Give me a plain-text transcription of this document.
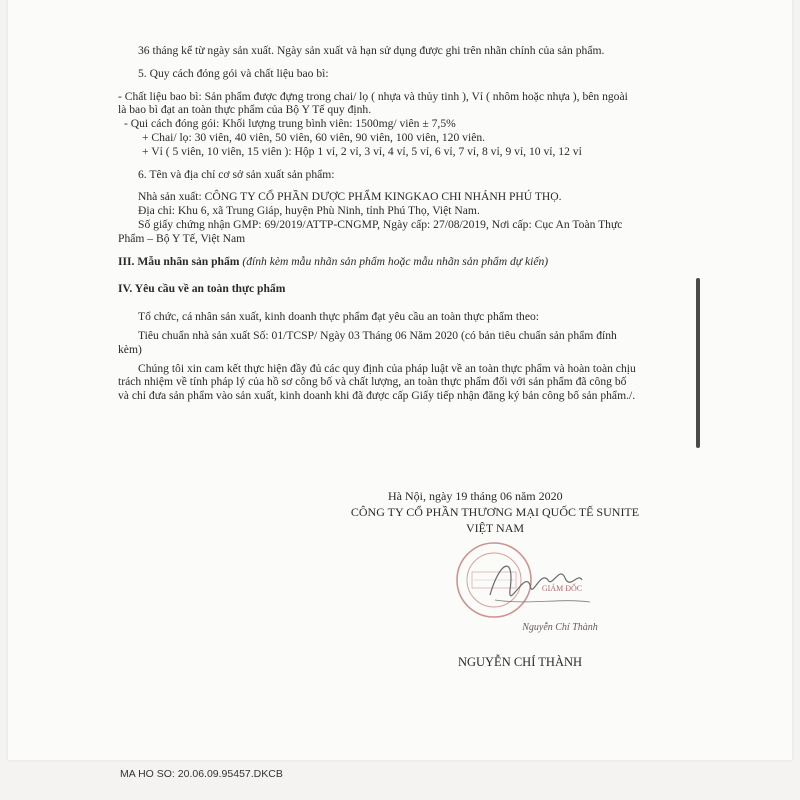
36 tháng kể từ ngày sản xuất. Ngày sản xuất và hạn sử dụng được ghi trên nhãn chính của sản phẩm.

5. Quy cách đóng gói và chất liệu bao bì:

- Chất liệu bao bì: Sản phẩm được đựng trong chai/ lọ ( nhựa và thủy tinh ), Vỉ ( nhôm hoặc nhựa ), bên ngoài là bao bì đạt an toàn thực phẩm của Bộ Y Tế quy định.

- Qui cách đóng gói: Khối lượng trung bình viên: 1500mg/ viên ± 7,5%

+ Chai/ lọ: 30 viên, 40 viên, 50 viên, 60 viên, 90 viên, 100 viên, 120 viên.

+ Vỉ ( 5 viên, 10 viên, 15 viên ): Hộp 1 vỉ, 2 vỉ, 3 vỉ, 4 vỉ, 5 vỉ, 6 vỉ, 7 vỉ, 8 vỉ, 9 vỉ, 10 vỉ, 12 vỉ

6. Tên và địa chỉ cơ sở sản xuất sản phẩm:

Nhà sản xuất: CÔNG TY CỔ PHẦN DƯỢC PHẨM KINGKAO CHI NHÁNH PHÚ THỌ.

Địa chỉ: Khu 6, xã Trung Giáp, huyện Phù Ninh, tỉnh Phú Thọ, Việt Nam.

Số giấy chứng nhận GMP: 69/2019/ATTP-CNGMP, Ngày cấp: 27/08/2019, Nơi cấp: Cục An Toàn Thực Phẩm – Bộ Y Tế, Việt Nam

III. Mẫu nhãn sản phẩm (đính kèm mẫu nhãn sản phẩm hoặc mẫu nhãn sản phẩm dự kiến)

IV. Yêu cầu về an toàn thực phẩm

Tổ chức, cá nhân sản xuất, kinh doanh thực phẩm đạt yêu cầu an toàn thực phẩm theo:

Tiêu chuẩn nhà sản xuất Số: 01/TCSP/ Ngày 03 Tháng 06 Năm 2020 (có bản tiêu chuẩn sản phẩm đính kèm)

Chúng tôi xin cam kết thực hiện đầy đủ các quy định của pháp luật về an toàn thực phẩm và hoàn toàn chịu trách nhiệm về tính pháp lý của hồ sơ công bố và chất lượng, an toàn thực phẩm đối với sản phẩm đã công bố và chỉ đưa sản phẩm vào sản xuất, kinh doanh khi đã được cấp Giấy tiếp nhận đăng ký bản công bố sản phẩm./.

Hà Nội, ngày 19 tháng 06 năm 2020
CÔNG TY CỔ PHẦN THƯƠNG MẠI QUỐC TẾ SUNITE
VIỆT NAM
GIÁM ĐỐC
Nguyễn Chí Thành
NGUYỄN CHÍ THÀNH
MA HO SO: 20.06.09.95457.DKCB
